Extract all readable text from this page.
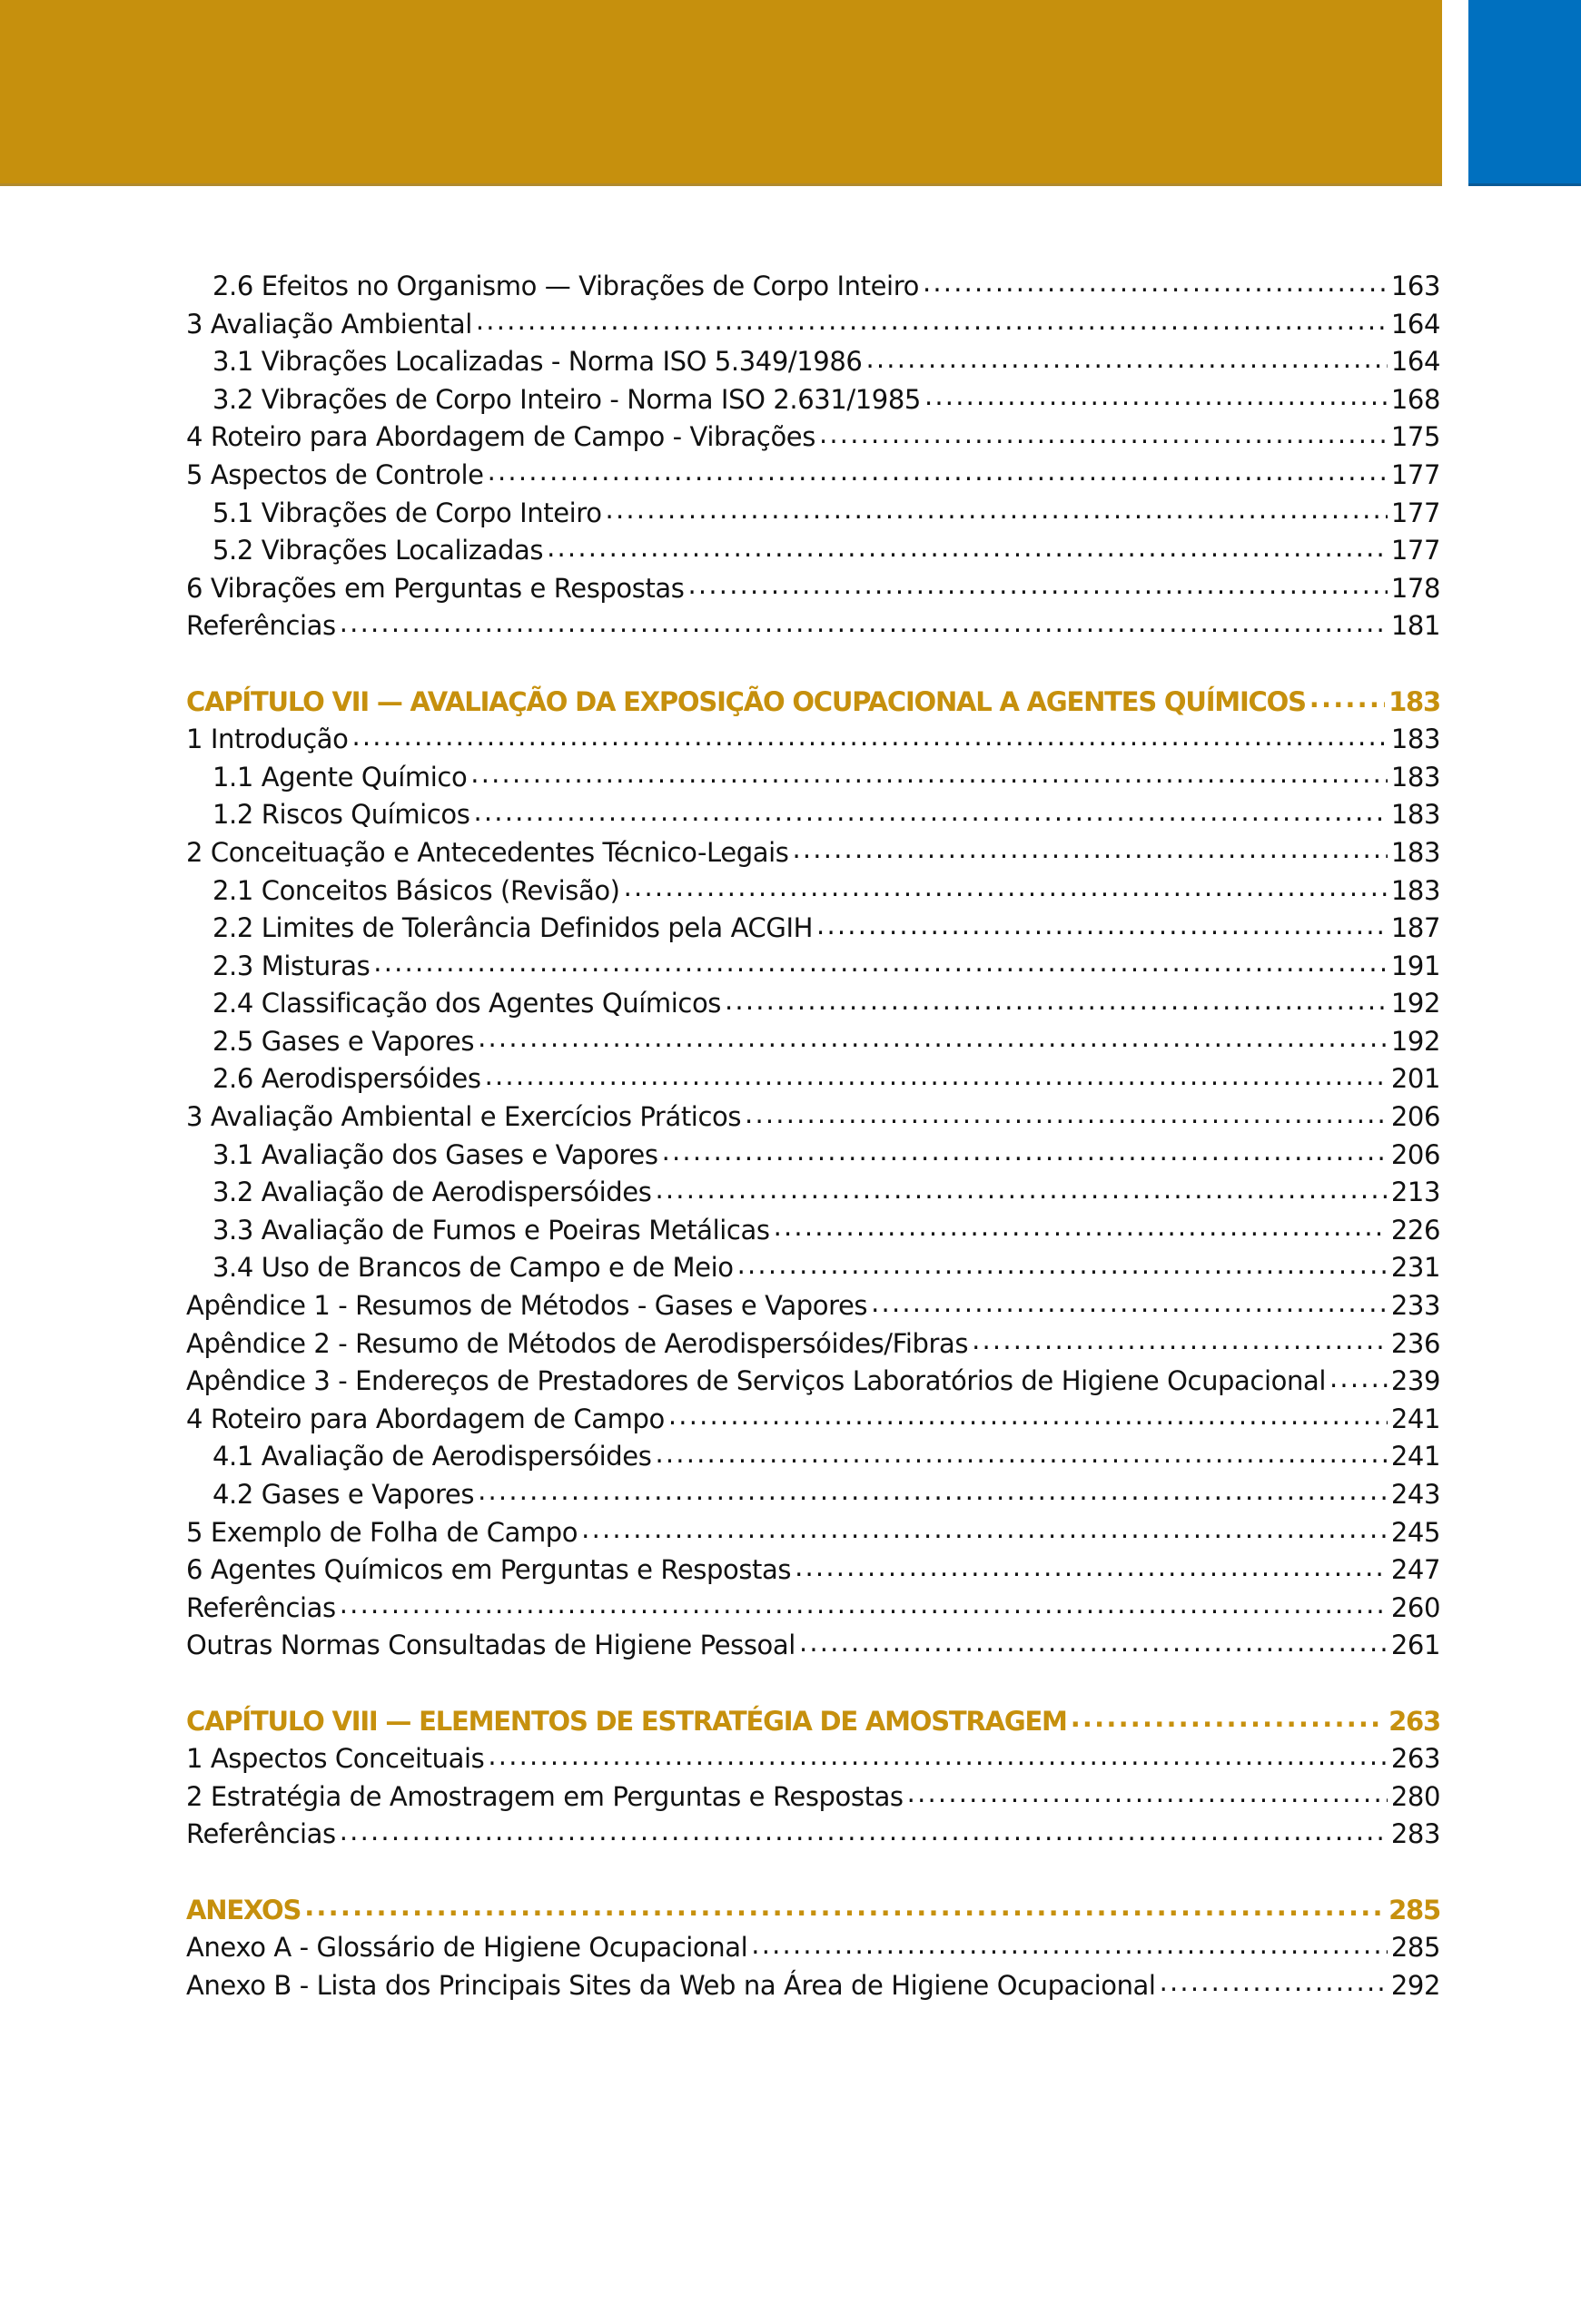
2.6 Efeitos no Organismo — Vibrações de Corpo Inteiro .....	163
3 Avaliação Ambiental .....	164
3.1 Vibrações Localizadas - Norma ISO 5.349/1986 .....	164
3.2 Vibrações de Corpo Inteiro - Norma ISO 2.631/1985 .....	168
4 Roteiro para Abordagem de Campo - Vibrações .....	175
5 Aspectos de Controle .....	177
5.1 Vibrações de Corpo Inteiro .....	177
5.2 Vibrações Localizadas .....	177
6 Vibrações em Perguntas e Respostas .....	178
Referências .....	181
CAPÍTULO VII — AVALIAÇÃO DA EXPOSIÇÃO OCUPACIONAL A AGENTES QUÍMICOS .....	183
1 Introdução .....	183
1.1 Agente Químico .....	183
1.2 Riscos Químicos .....	183
2 Conceituação e Antecedentes Técnico-Legais .....	183
2.1 Conceitos Básicos (Revisão) .....	183
2.2 Limites de Tolerância Definidos pela ACGIH .....	187
2.3 Misturas .....	191
2.4 Classificação dos Agentes Químicos .....	192
2.5 Gases e Vapores .....	192
2.6 Aerodispersóides .....	201
3 Avaliação Ambiental e Exercícios Práticos .....	206
3.1 Avaliação dos Gases e Vapores .....	206
3.2 Avaliação de Aerodispersóides .....	213
3.3 Avaliação de Fumos e Poeiras Metálicas .....	226
3.4 Uso de Brancos de Campo e de Meio .....	231
Apêndice 1 - Resumos de Métodos - Gases e Vapores .....	233
Apêndice 2 - Resumo de Métodos de Aerodispersóides/Fibras .....	236
Apêndice 3 - Endereços de Prestadores de Serviços Laboratórios de Higiene Ocupacional ..... 239
4 Roteiro para Abordagem de Campo .....	241
4.1 Avaliação de Aerodispersóides .....	241
4.2 Gases e Vapores .....	243
5 Exemplo de Folha de Campo .....	245
6 Agentes Químicos em Perguntas e Respostas .....	247
Referências .....	260
Outras Normas Consultadas de Higiene Pessoal .....	261
CAPÍTULO VIII — ELEMENTOS DE ESTRATÉGIA DE AMOSTRAGEM .....	263
1 Aspectos Conceituais .....	263
2 Estratégia de Amostragem em Perguntas e Respostas .....	280
Referências .....	283
ANEXOS .....	285
Anexo A - Glossário de Higiene Ocupacional .....	285
Anexo B - Lista dos Principais Sites da Web na Área de Higiene Ocupacional .....	292
